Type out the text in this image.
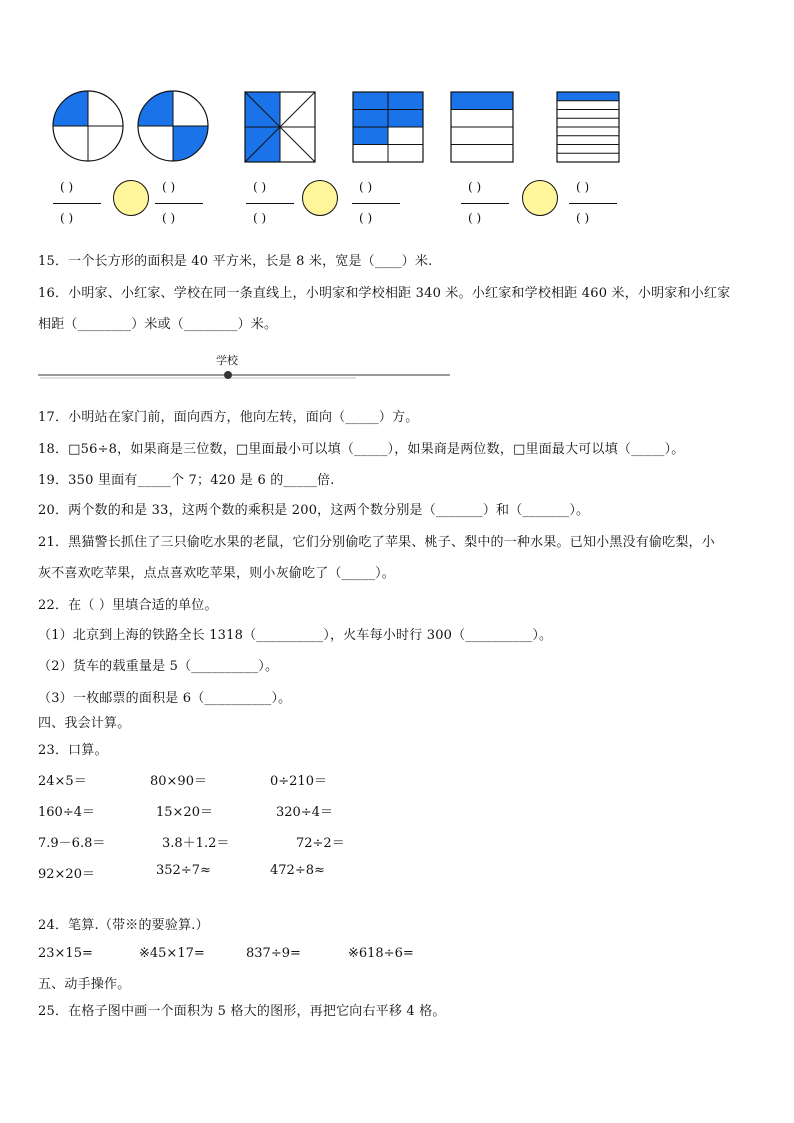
( )
( )
( )
( )
( )
( )
( )
( )
( )
( )
( )
( )
15．一个长方形的面积是 40 平方米，长是 8 米，宽是（____）米.
16．小明家、小红家、学校在同一条直线上，小明家和学校相距 340 米。小红家和学校相距 460 米，小明家和小红家
相距（________）米或（________）米。
学校
17．小明站在家门前，面向西方，他向左转，面向（_____）方。
18．□56÷8，如果商是三位数，□里面最小可以填（_____），如果商是两位数，□里面最大可以填（_____）。
19．350 里面有_____个 7；420 是 6 的_____倍.
20．两个数的和是 33，这两个数的乘积是 200，这两个数分别是（_______）和（_______）。
21．黑猫警长抓住了三只偷吃水果的老鼠，它们分别偷吃了苹果、桃子、梨中的一种水果。已知小黑没有偷吃梨，小
灰不喜欢吃苹果，点点喜欢吃苹果，则小灰偷吃了（_____）。
22．在（ ）里填合适的单位。
（1）北京到上海的铁路全长 1318（__________），火车每小时行 300（__________）。
（2）货车的载重量是 5（__________）。
（3）一枚邮票的面积是 6（__________）。
四、我会计算。
23．口算。
24×5＝	80×90＝	0÷210＝
160÷4＝	15×20＝	320÷4＝
7.9－6.8＝	3.8＋1.2＝	72÷2＝
92×20＝	352÷7≈	472÷8≈
24．笔算.（带※的要验算.）
23×15=	※45×17=	837÷9=	※618÷6=
五、动手操作。
25．在格子图中画一个面积为 5 格大的图形，再把它向右平移 4 格。
